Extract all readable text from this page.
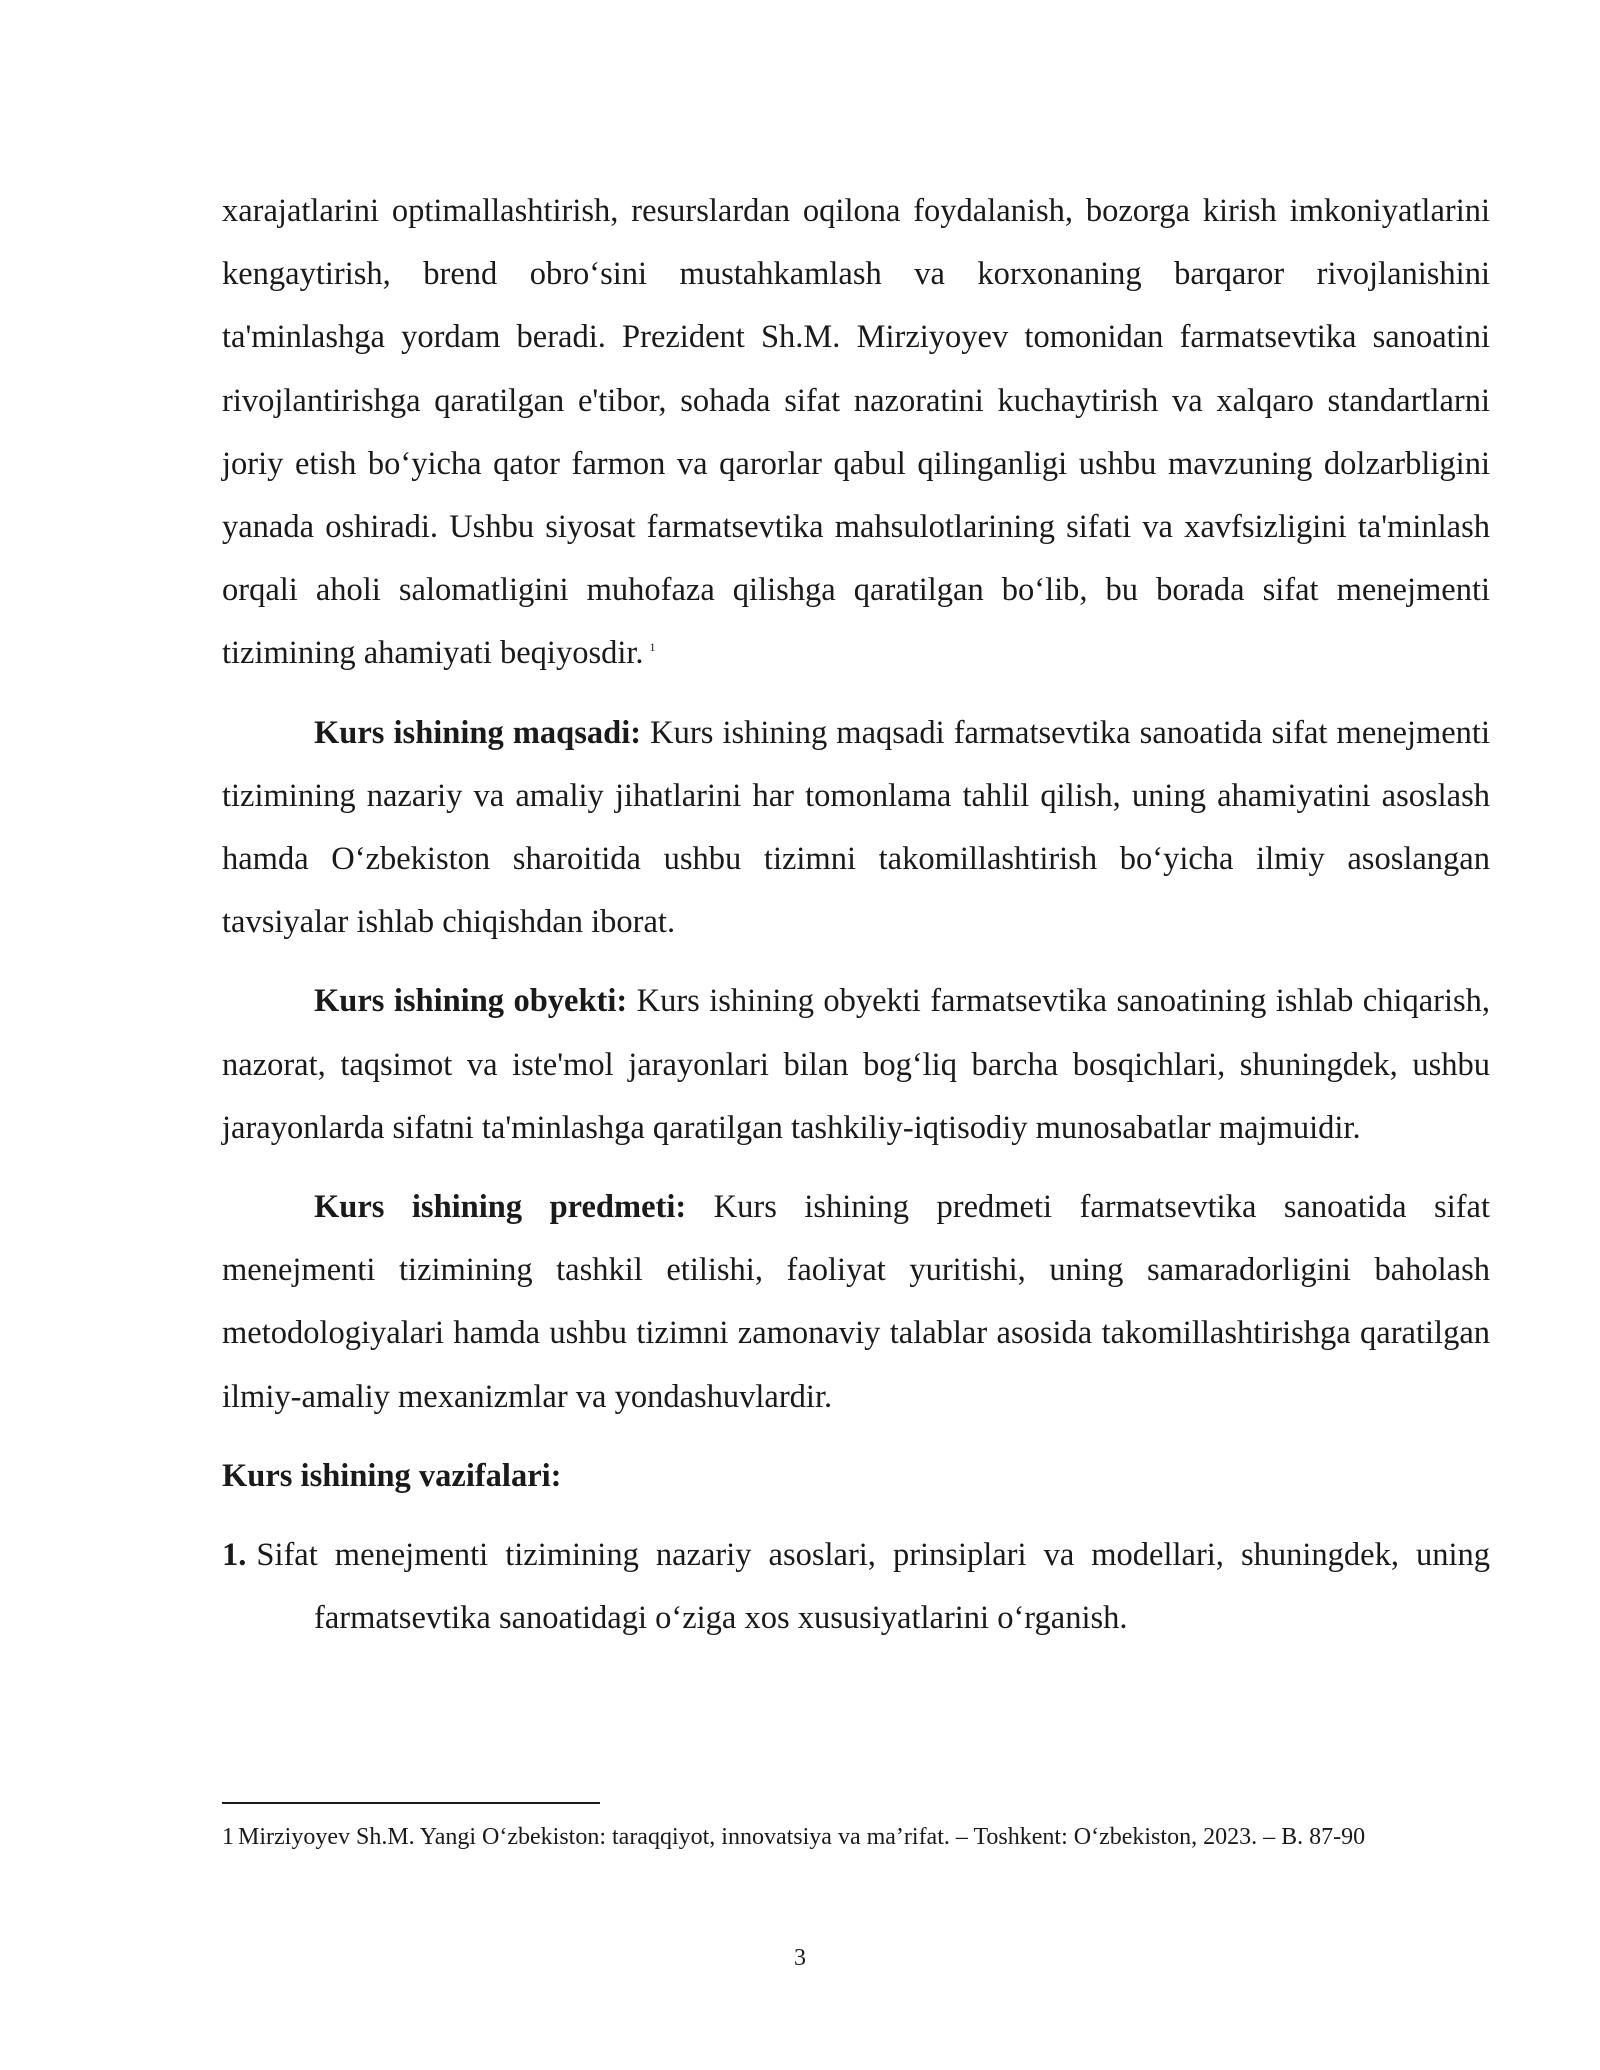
xarajatlarini optimallashtirish, resurslardan oqilona foydalanish, bozorga kirish imkoniyatlarini kengaytirish, brend obro‘sini mustahkamlash va korxonaning barqaror rivojlanishini ta'minlashga yordam beradi. Prezident Sh.M. Mirziyoyev tomonidan farmatsevtika sanoatini rivojlantirishga qaratilgan e'tibor, sohada sifat nazoratini kuchaytirish va xalqaro standartlarni joriy etish bo‘yicha qator farmon va qarorlar qabul qilinganligi ushbu mavzuning dolzarbligini yanada oshiradi. Ushbu siyosat farmatsevtika mahsulotlarining sifati va xavfsizligini ta'minlash orqali aholi salomatligini muhofaza qilishga qaratilgan bo‘lib, bu borada sifat menejmenti tizimining ahamiyati beqiyosdir. $^1$

Kurs ishining maqsadi: Kurs ishining maqsadi farmatsevtika sanoatida sifat menejmenti tizimining nazariy va amaliy jihatlarini har tomonlama tahlil qilish, uning ahamiyatini asoslash hamda O‘zbekiston sharoitida ushbu tizimni takomillashtirish bo‘yicha ilmiy asoslangan tavsiyalar ishlab chiqishdan iborat.

Kurs ishining obyekti: Kurs ishining obyekti farmatsevtika sanoatining ishlab chiqarish, nazorat, taqsimot va iste'mol jarayonlari bilan bog‘liq barcha bosqichlari, shuningdek, ushbu jarayonlarda sifatni ta'minlashga qaratilgan tashkiliy-iqtisodiy munosabatlar majmuidir.

Kurs ishining predmeti: Kurs ishining predmeti farmatsevtika sanoatida sifat menejmenti tizimining tashkil etilishi, faoliyat yuritishi, uning samaradorligini baholash metodologiyalari hamda ushbu tizimni zamonaviy talablar asosida takomillashtirishga qaratilgan ilmiy-amaliy mexanizmlar va yondashuvlardir.

Kurs ishining vazifalari:

1. Sifat menejmenti tizimining nazariy asoslari, prinsiplari va modellari, shuningdek, uning farmatsevtika sanoatidagi o‘ziga xos xususiyatlarini o‘rganish.

1 Mirziyoyev Sh.M. Yangi O‘zbekiston: taraqqiyot, innovatsiya va ma’rifat. – Toshkent: O‘zbekiston, 2023. – B. 87-90
3
